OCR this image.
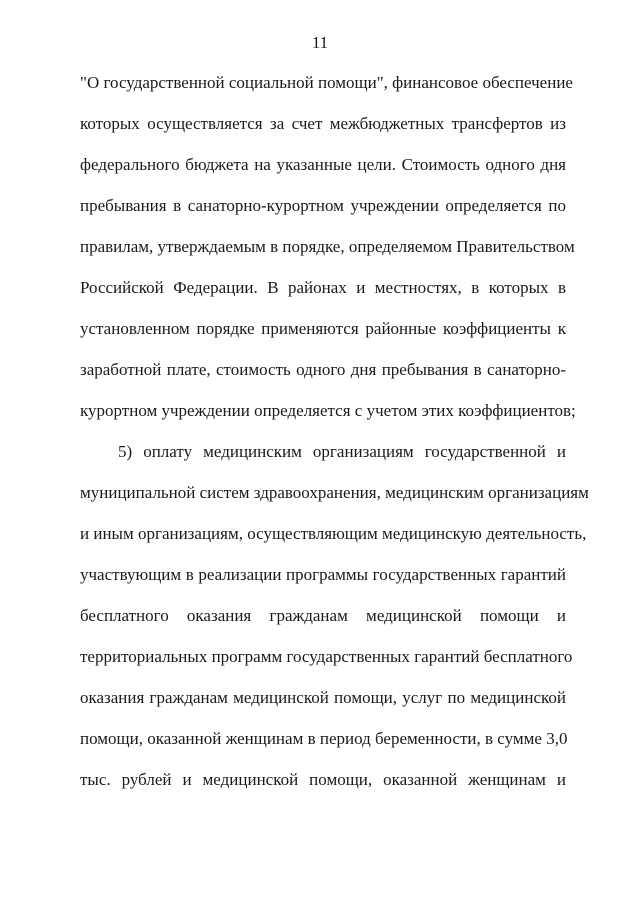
11
"О государственной социальной помощи", финансовое обеспечение
которых осуществляется за счет межбюджетных трансфертов из
федерального бюджета на указанные цели. Стоимость одного дня
пребывания в санаторно-курортном учреждении определяется по
правилам, утверждаемым в порядке, определяемом Правительством
Российской Федерации. В районах и местностях, в которых в
установленном порядке применяются районные коэффициенты к
заработной плате, стоимость одного дня пребывания в санаторно-
курортном учреждении определяется с учетом этих коэффициентов;
5) оплату медицинским организациям государственной и
муниципальной систем здравоохранения, медицинским организациям
и иным организациям, осуществляющим медицинскую деятельность,
участвующим в реализации программы государственных гарантий
бесплатного оказания гражданам медицинской помощи и
территориальных программ государственных гарантий бесплатного
оказания гражданам медицинской помощи, услуг по медицинской
помощи, оказанной женщинам в период беременности, в сумме 3,0
тыс. рублей и медицинской помощи, оказанной женщинам и
